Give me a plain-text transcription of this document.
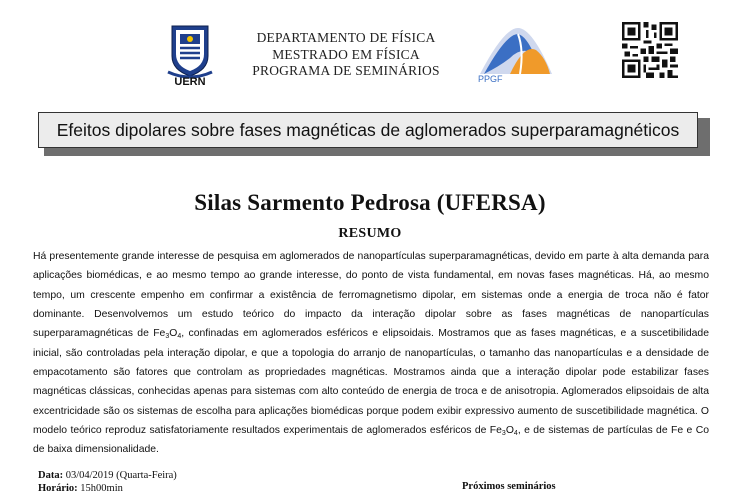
UERN
DEPARTAMENTO DE FÍSICA
MESTRADO EM FÍSICA
PROGRAMA DE SEMINÁRIOS
PPGF
Efeitos dipolares sobre fases magnéticas de aglomerados superparamagnéticos
Silas Sarmento Pedrosa (UFERSA)
RESUMO
Há presentemente grande interesse de pesquisa em aglomerados de nanopartículas superparamagnéticas, devido em parte à alta demanda para aplicações biomédicas, e ao mesmo tempo ao grande interesse, do ponto de vista fundamental, em novas fases magnéticas. Há, ao mesmo tempo, um crescente empenho em confirmar a existência de ferromagnetismo dipolar, em sistemas onde a energia de troca não é fator dominante. Desenvolvemos um estudo teórico do impacto da interação dipolar sobre as fases magnéticas de nanopartículas superparamagnéticas de $Fe_3O_4$, confinadas em aglomerados esféricos e elipsoidais. Mostramos que as fases magnéticas, e a suscetibilidade inicial, são controladas pela interação dipolar, e que a topologia do arranjo de nanopartículas, o tamanho das nanopartículas e a densidade de empacotamento são fatores que controlam as propriedades magnéticas. Mostramos ainda que a interação dipolar pode estabilizar fases magnéticas clássicas, conhecidas apenas para sistemas com alto conteúdo de energia de troca e de anisotropia. Aglomerados elipsoidais de alta excentricidade são os sistemas de escolha para aplicações biomédicas porque podem exibir expressivo aumento de suscetibilidade magnética. O modelo teórico reproduz satisfatoriamente resultados experimentais de aglomerados esféricos de $Fe_3O_4$, e de sistemas de partículas de Fe e Co de baixa dimensionalidade.
Data: 03/04/2019 (Quarta-Feira)
Horário: 15h00min	Próximos seminários
